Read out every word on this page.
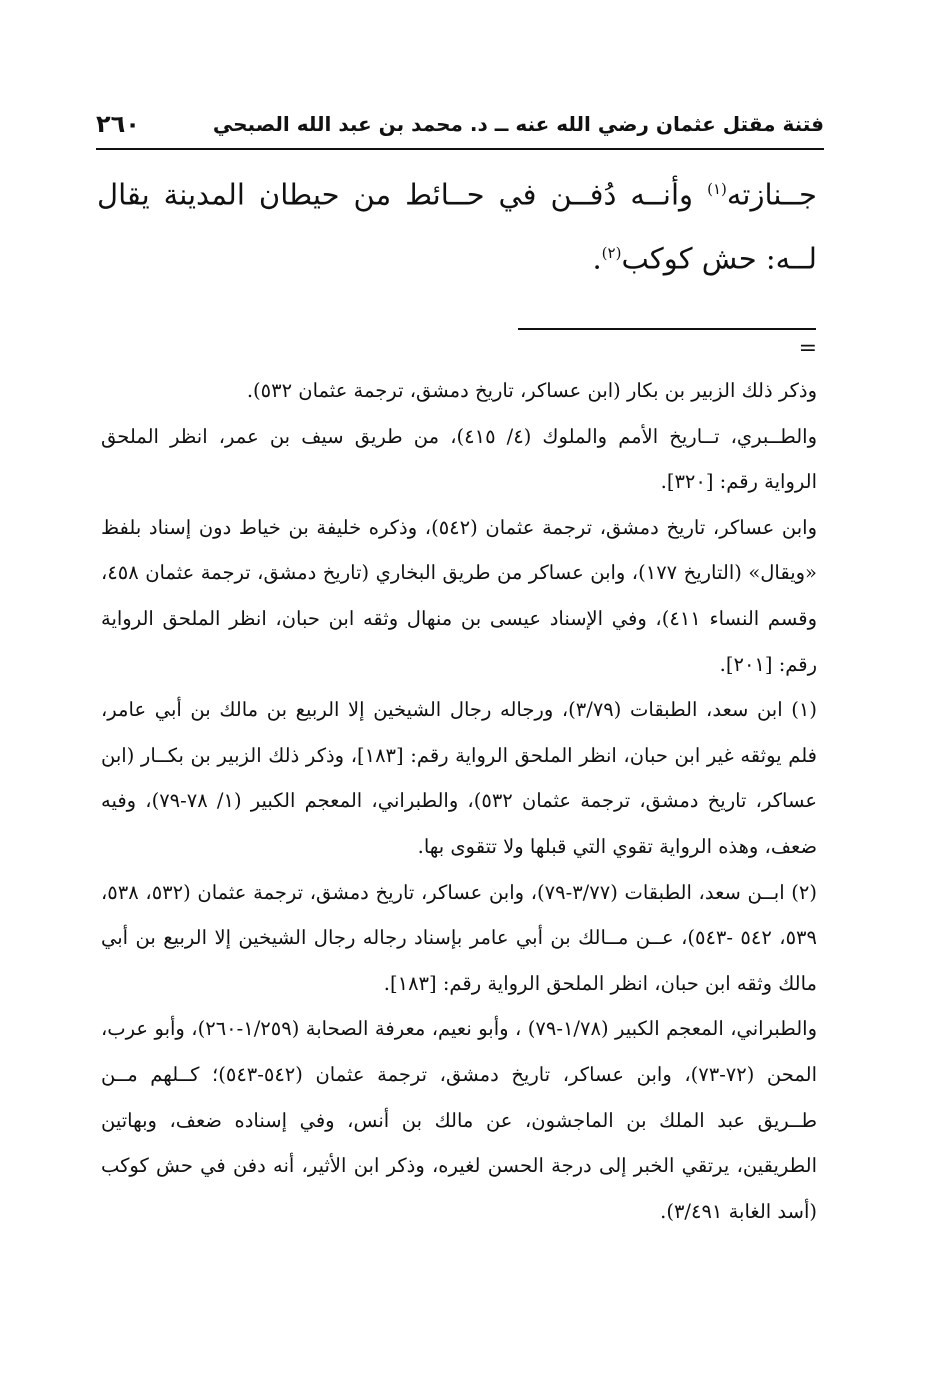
فتنة مقتل عثمان رضي الله عنه ــ د. محمد بن عبد الله الصبحي
٢٦٠
جــنازته$^{(١)}$ وأنــه دُفــن في حــائط من حيطان المدينة يقال لــه: حش كوكب$^{(٢)}$.
=

وذكر ذلك الزبير بن بكار (ابن عساكر، تاريخ دمشق، ترجمة عثمان ٥٣٢).

والطــبري، تــاريخ الأمم والملوك (٤/ ٤١٥)، من طريق سيف بن عمر، انظر الملحق الرواية رقم: [٣٢٠].

وابن عساكر، تاريخ دمشق، ترجمة عثمان (٥٤٢)، وذكره خليفة بن خياط دون إسناد بلفظ «ويقال» (التاريخ ١٧٧)، وابن عساكر من طريق البخاري (تاريخ دمشق، ترجمة عثمان ٤٥٨، وقسم النساء ٤١١)، وفي الإسناد عيسى بن منهال وثقه ابن حبان، انظر الملحق الرواية رقم: [٢٠١].

(١) ابن سعد، الطبقات (٣/٧٩)، ورجاله رجال الشيخين إلا الربيع بن مالك بن أبي عامر، فلم يوثقه غير ابن حبان، انظر الملحق الرواية رقم: [١٨٣]، وذكر ذلك الزبير بن بكــار (ابن عساكر، تاريخ دمشق، ترجمة عثمان ٥٣٢)، والطبراني، المعجم الكبير (١/ ٧٨-٧٩)، وفيه ضعف، وهذه الرواية تقوي التي قبلها ولا تتقوى بها.

(٢) ابــن سعد، الطبقات (٣/٧٧-٧٩)، وابن عساكر، تاريخ دمشق، ترجمة عثمان (٥٣٢، ٥٣٨، ٥٣٩، ٥٤٢ -٥٤٣)، عــن مــالك بن أبي عامر بإسناد رجاله رجال الشيخين إلا الربيع بن أبي مالك وثقه ابن حبان، انظر الملحق الرواية رقم: [١٨٣].

والطبراني، المعجم الكبير (١/٧٨-٧٩) ، وأبو نعيم، معرفة الصحابة (١/٢٥٩-٢٦٠)، وأبو عرب، المحن (٧٢-٧٣)، وابن عساكر، تاريخ دمشق، ترجمة عثمان (٥٤٢-٥٤٣)؛ كــلهم مــن طــريق عبد الملك بن الماجشون، عن مالك بن أنس، وفي إسناده ضعف، وبهاتين الطريقين، يرتقي الخبر إلى درجة الحسن لغيره، وذكر ابن الأثير، أنه دفن في حش كوكب (أسد الغابة ٣/٤٩١).
